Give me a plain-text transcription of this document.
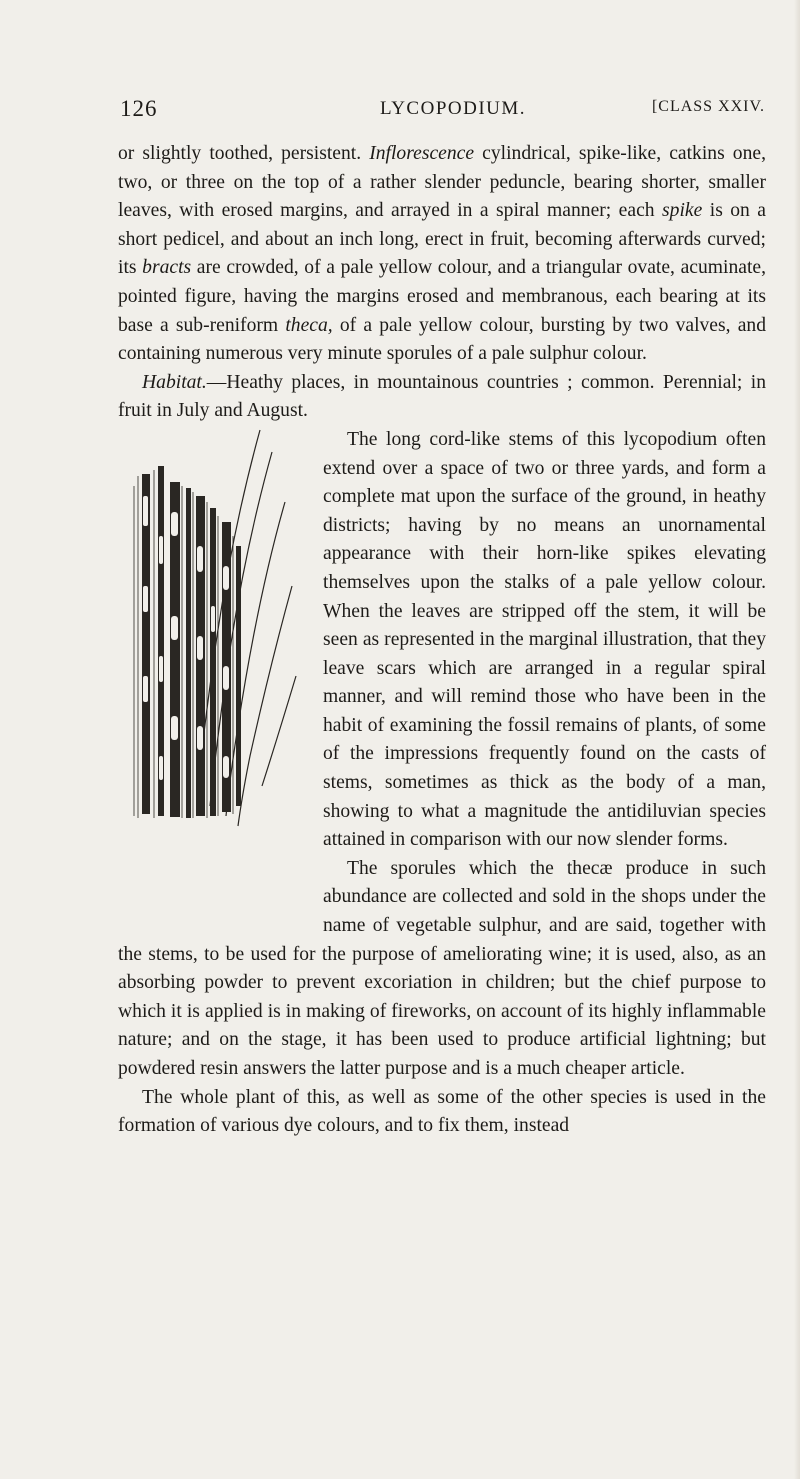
126	LYCOPODIUM.	[CLASS XXIV.

or slightly toothed, persistent. Inflorescence cylindrical, spike-like, catkins one, two, or three on the top of a rather slender peduncle, bearing shorter, smaller leaves, with erosed margins, and arrayed in a spiral manner; each spike is on a short pedicel, and about an inch long, erect in fruit, becoming afterwards curved; its bracts are crowded, of a pale yellow colour, and a triangular ovate, acuminate, pointed figure, having the margins erosed and membranous, each bearing at its base a sub-reniform theca, of a pale yellow colour, bursting by two valves, and containing numerous very minute sporules of a pale sulphur colour.

Habitat.—Heathy places, in mountainous countries ; common. Perennial; in fruit in July and August.

The long cord-like stems of this lycopodium often extend over a space of two or three yards, and form a complete mat upon the surface of the ground, in heathy districts; having by no means an unornamental appearance with their horn-like spikes elevating themselves upon the stalks of a pale yellow colour. When the leaves are stripped off the stem, it will be seen as represented in the marginal illustration, that they leave scars which are arranged in a regular spiral manner, and will remind those who have been in the habit of examining the fossil remains of plants, of some of the impressions frequently found on the casts of stems, sometimes as thick as the body of a man, showing to what a magnitude the antidiluvian species attained in comparison with our now slender forms.

The sporules which the thecæ produce in such abundance are collected and sold in the shops under the name of vegetable sulphur, and are said, together with the stems, to be used for the purpose of ameliorating wine; it is used, also, as an absorbing powder to prevent excoriation in children; but the chief purpose to which it is applied is in making of fireworks, on account of its highly inflammable nature; and on the stage, it has been used to produce artificial lightning; but powdered resin answers the latter purpose and is a much cheaper article.

The whole plant of this, as well as some of the other species is used in the formation of various dye colours, and to fix them, instead
